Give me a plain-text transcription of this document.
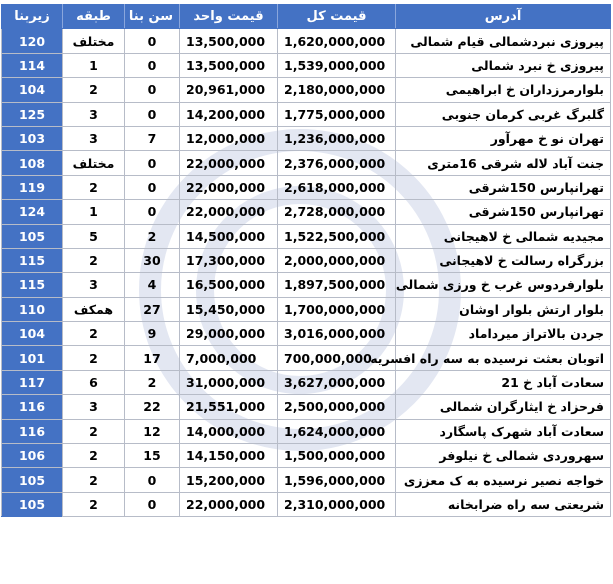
آدرس	قیمت کل	قیمت واحد	سن بنا	طبقه	زیربنا
پیروزی نبردشمالی قیام شمالی	1,620,000,000	13,500,000	0	مختلف	120
پیروزی خ نبرد شمالی	1,539,000,000	13,500,000	0	1	114
بلوارمرزداران خ ابراهیمی	2,180,000,000	20,961,000	0	2	104
گلبرگ غربی کرمان جنوبی	1,775,000,000	14,200,000	0	3	125
تهران نو خ مهرآور	1,236,000,000	12,000,000	7	3	103
جنت آباد لاله شرقی 16متری	2,376,000,000	22,000,000	0	مختلف	108
تهرانپارس 150شرقی	2,618,000,000	22,000,000	0	2	119
تهرانپارس 150شرقی	2,728,000,000	22,000,000	0	1	124
مجیدیه شمالی خ لاهیجانی	1,522,500,000	14,500,000	2	5	105
بزرگراه رسالت خ لاهیجانی	2,000,000,000	17,300,000	30	2	115
بلوارفردوس غرب خ ورزی شمالی	1,897,500,000	16,500,000	4	3	115
بلوار ارتش بلوار اوشان	1,700,000,000	15,450,000	27	همکف	110
جردن بالاتراز میرداماد	3,016,000,000	29,000,000	9	2	104
اتوبان بعثت نرسیده به سه راه افسریه	700,000,000	7,000,000	17	2	101
سعادت آباد خ 21	3,627,000,000	31,000,000	2	6	117
فرحزاد خ ایثارگران شمالی	2,500,000,000	21,551,000	22	3	116
سعادت آباد شهرک پاسگارد	1,624,000,000	14,000,000	12	2	116
سهروردی شمالی خ نیلوفر	1,500,000,000	14,150,000	15	2	106
خواجه نصیر نرسیده به ک معززی	1,596,000,000	15,200,000	0	2	105
شریعتی سه راه ضرابخانه	2,310,000,000	22,000,000	0	2	105
